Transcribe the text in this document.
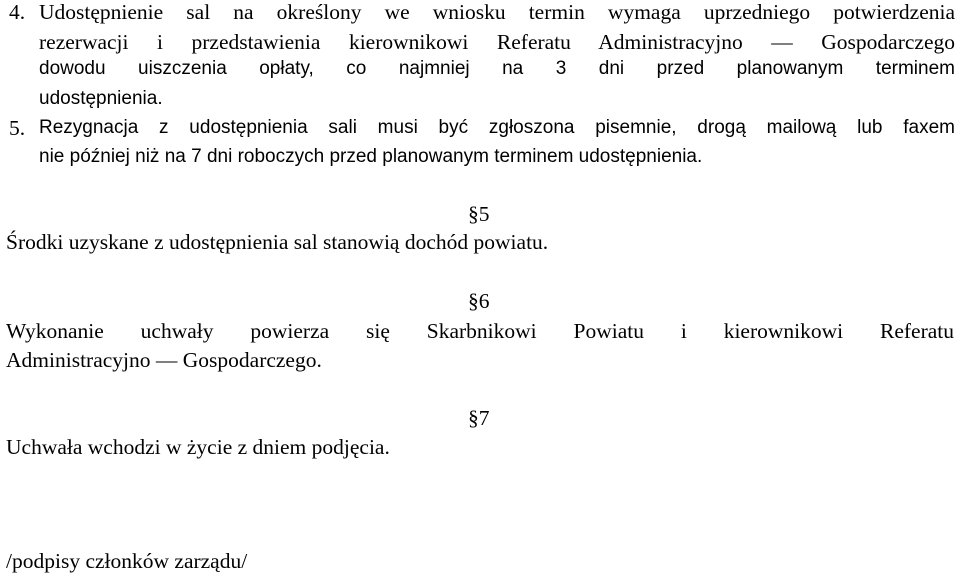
4. Udostępnienie sal na określony we wniosku termin wymaga uprzedniego potwierdzenia
rezerwacji i przedstawienia kierownikowi Referatu Administracyjno — Gospodarczego
dowodu uiszczenia opłaty, co najmniej na 3 dni przed planowanym terminem
udostępnienia.
5. Rezygnacja z udostępnienia sali musi być zgłoszona pisemnie, drogą mailową lub faxem
nie później niż na 7 dni roboczych przed planowanym terminem udostępnienia.
§5
Środki uzyskane z udostępnienia sal stanowią dochód powiatu.
§6
Wykonanie uchwały powierza się Skarbnikowi Powiatu i kierownikowi Referatu
Administracyjno — Gospodarczego.
§7
Uchwała wchodzi w życie z dniem podjęcia.
/podpisy członków zarządu/
